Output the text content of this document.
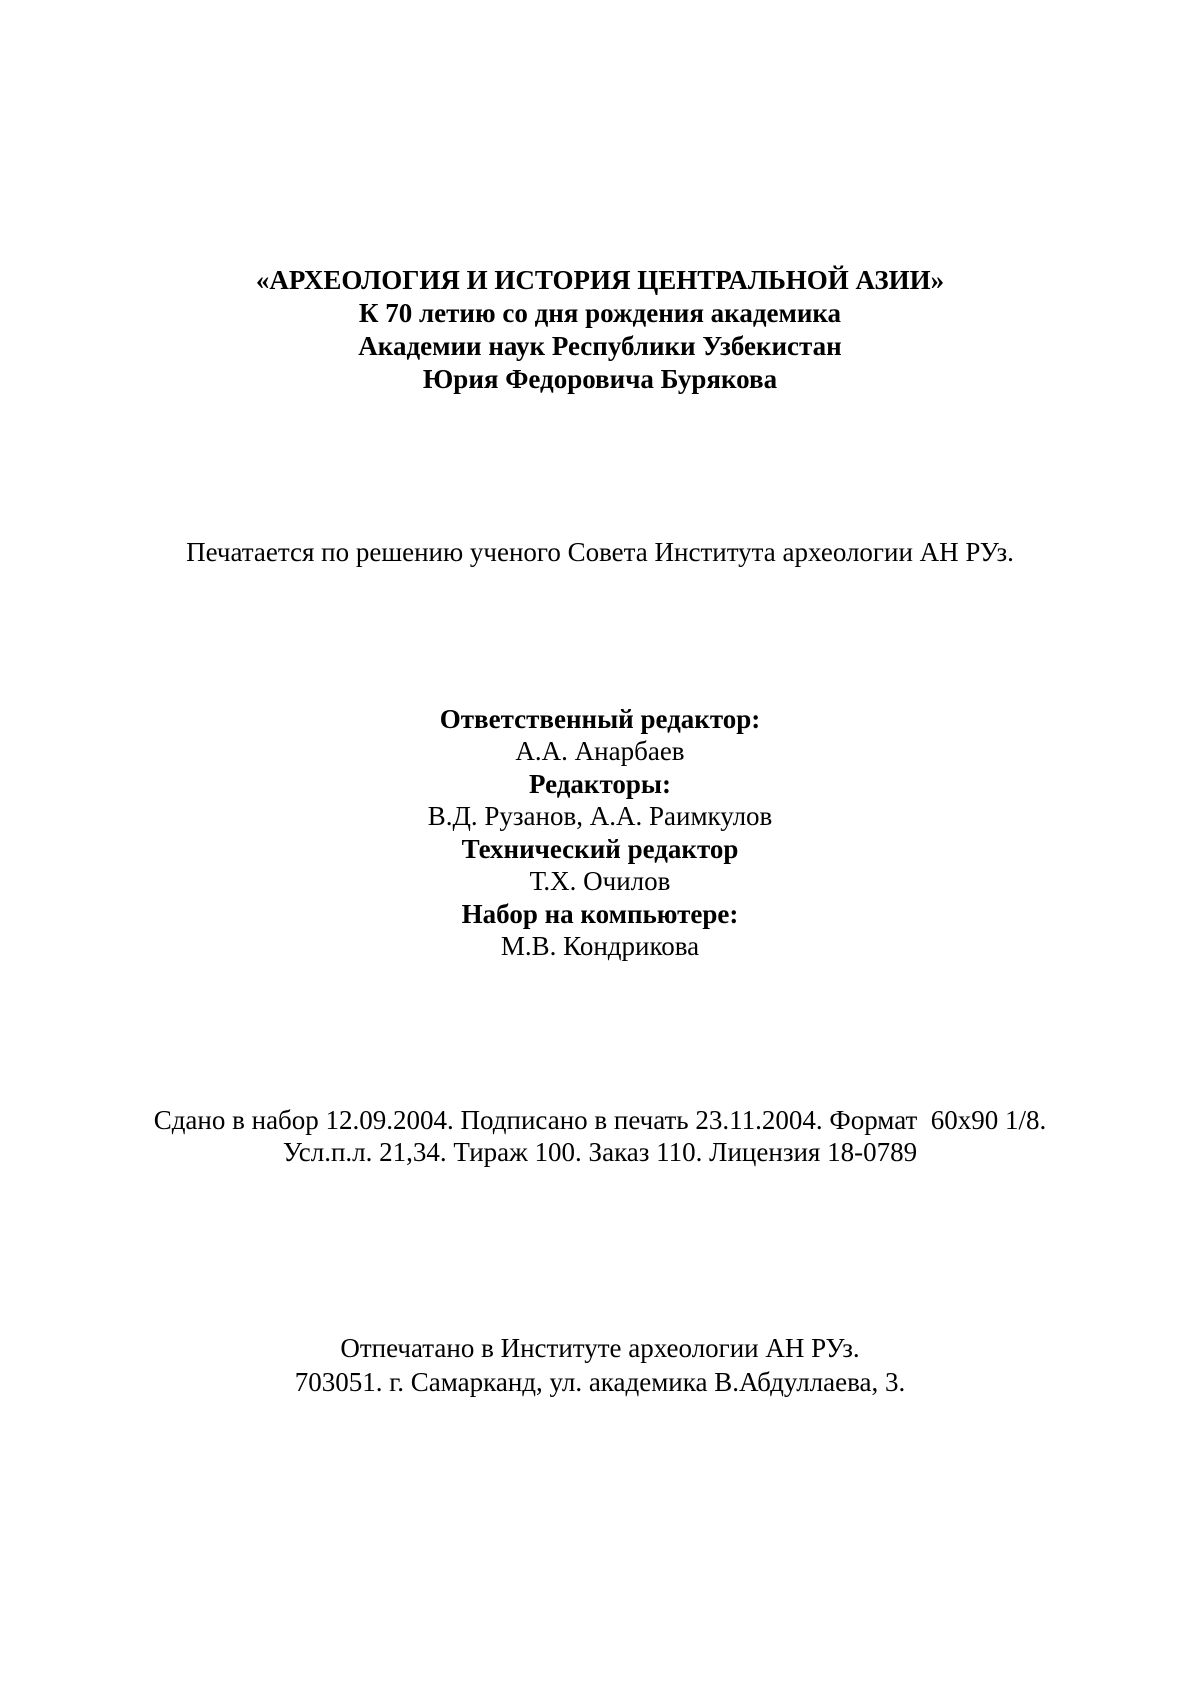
«АРХЕОЛОГИЯ И ИСТОРИЯ ЦЕНТРАЛЬНОЙ АЗИИ»
К 70 летию со дня рождения академика
Академии наук Республики Узбекистан
Юрия Федоровича Бурякова
Печатается по решению ученого Совета Института археологии АН РУз.
Ответственный редактор:
А.А. Анарбаев
Редакторы:
В.Д. Рузанов, А.А. Раимкулов
Технический редактор
Т.Х. Очилов
Набор на компьютере:
М.В. Кондрикова
Сдано в набор 12.09.2004. Подписано в печать 23.11.2004. Формат  60x90 1/8.
Усл.п.л. 21,34. Тираж 100. Заказ 110. Лицензия 18-0789
Отпечатано в Институте археологии АН РУз.
703051. г. Самарканд, ул. академика В.Абдуллаева, 3.
